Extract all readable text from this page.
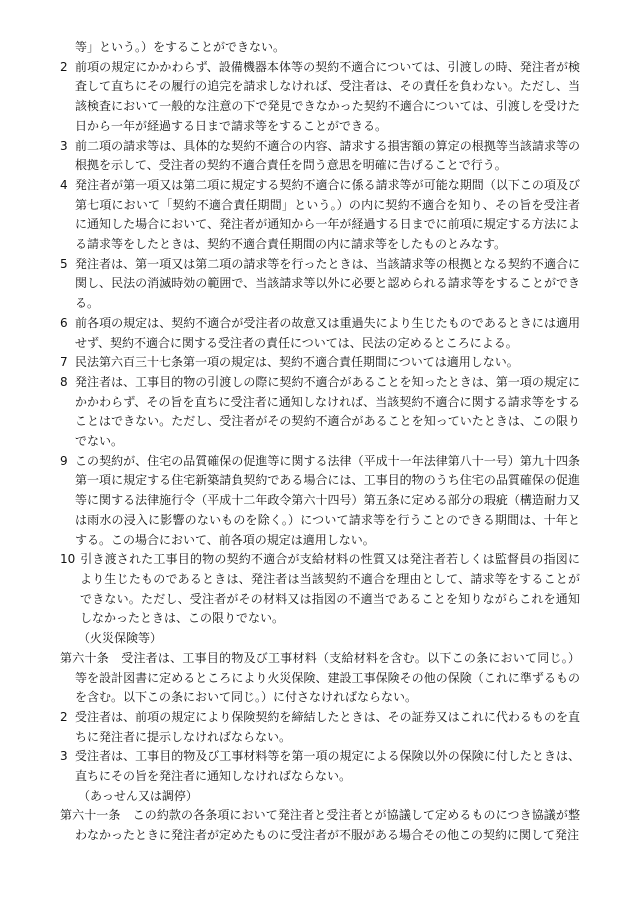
等」という。）をすることができない。

2 前項の規定にかかわらず、設備機器本体等の契約不適合については、引渡しの時、発注者が検査して直ちにその履行の追完を請求しなければ、受注者は、その責任を負わない。ただし、当該検査において一般的な注意の下で発見できなかった契約不適合については、引渡しを受けた日から一年が経過する日まで請求等をすることができる。

3 前二項の請求等は、具体的な契約不適合の内容、請求する損害額の算定の根拠等当該請求等の根拠を示して、受注者の契約不適合責任を問う意思を明確に告げることで行う。

4 発注者が第一項又は第二項に規定する契約不適合に係る請求等が可能な期間（以下この項及び第七項において「契約不適合責任期間」という。）の内に契約不適合を知り、その旨を受注者に通知した場合において、発注者が通知から一年が経過する日までに前項に規定する方法による請求等をしたときは、契約不適合責任期間の内に請求等をしたものとみなす。

5 発注者は、第一項又は第二項の請求等を行ったときは、当該請求等の根拠となる契約不適合に関し、民法の消滅時効の範囲で、当該請求等以外に必要と認められる請求等をすることができる。

6 前各項の規定は、契約不適合が受注者の故意又は重過失により生じたものであるときには適用せず、契約不適合に関する受注者の責任については、民法の定めるところによる。

7 民法第六百三十七条第一項の規定は、契約不適合責任期間については適用しない。

8 発注者は、工事目的物の引渡しの際に契約不適合があることを知ったときは、第一項の規定にかかわらず、その旨を直ちに受注者に通知しなければ、当該契約不適合に関する請求等をすることはできない。ただし、受注者がその契約不適合があることを知っていたときは、この限りでない。

9 この契約が、住宅の品質確保の促進等に関する法律（平成十一年法律第八十一号）第九十四条第一項に規定する住宅新築請負契約である場合には、工事目的物のうち住宅の品質確保の促進等に関する法律施行令（平成十二年政令第六十四号）第五条に定める部分の瑕疵（構造耐力又は雨水の浸入に影響のないものを除く。）について請求等を行うことのできる期間は、十年とする。この場合において、前各項の規定は適用しない。

10 引き渡された工事目的物の契約不適合が支給材料の性質又は発注者若しくは監督員の指図により生じたものであるときは、発注者は当該契約不適合を理由として、請求等をすることができない。ただし、受注者がその材料又は指図の不適当であることを知りながらこれを通知しなかったときは、この限りでない。

（火災保険等）

第六十条　 受注者は、工事目的物及び工事材料（支給材料を含む。以下この条において同じ。）等を設計図書に定めるところにより火災保険、建設工事保険その他の保険（これに準ずるものを含む。以下この条において同じ。）に付さなければならない。

2 受注者は、前項の規定により保険契約を締結したときは、その証券又はこれに代わるものを直ちに発注者に提示しなければならない。

3 受注者は、工事目的物及び工事材料等を第一項の規定による保険以外の保険に付したときは、直ちにその旨を発注者に通知しなければならない。

（あっせん又は調停）

第六十一条　 この約款の各条項において発注者と受注者とが協議して定めるものにつき協議が整わなかったときに発注者が定めたものに受注者が不服がある場合その他この契約に関して発注
